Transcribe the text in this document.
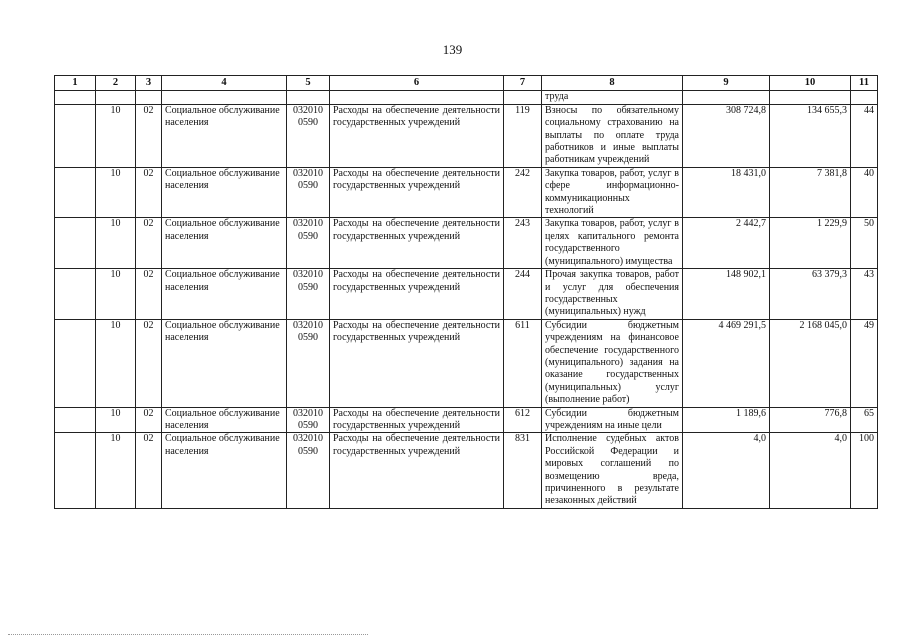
139
1	2	3	4	5	6	7	8	9	10	11
							труда			
	10	02	Социальное обслуживание населения	032010 0590	Расходы на обеспечение деятельности государственных учреждений	119	Взносы по обязательному социальному страхованию на выплаты по оплате труда работников и иные выплаты работникам учреждений	308 724,8	134 655,3	44
	10	02	Социальное обслуживание населения	032010 0590	Расходы на обеспечение деятельности государственных учреждений	242	Закупка товаров, работ, услуг в сфере информационно-коммуникационных технологий	18 431,0	7 381,8	40
	10	02	Социальное обслуживание населения	032010 0590	Расходы на обеспечение деятельности государственных учреждений	243	Закупка товаров, работ, услуг в целях капитального ремонта государственного (муниципального) имущества	2 442,7	1 229,9	50
	10	02	Социальное обслуживание населения	032010 0590	Расходы на обеспечение деятельности государственных учреждений	244	Прочая закупка товаров, работ и услуг для обеспечения государственных (муниципальных) нужд	148 902,1	63 379,3	43
	10	02	Социальное обслуживание населения	032010 0590	Расходы на обеспечение деятельности государственных учреждений	611	Субсидии бюджетным учреждениям на финансовое обеспечение государственного (муниципального) задания на оказание государственных (муниципальных) услуг (выполнение работ)	4 469 291,5	2 168 045,0	49
	10	02	Социальное обслуживание населения	032010 0590	Расходы на обеспечение деятельности государственных учреждений	612	Субсидии бюджетным учреждениям на иные цели	1 189,6	776,8	65
	10	02	Социальное обслуживание населения	032010 0590	Расходы на обеспечение деятельности государственных учреждений	831	Исполнение судебных актов Российской Федерации и мировых соглашений по возмещению вреда, причиненного в результате незаконных действий	4,0	4,0	100
